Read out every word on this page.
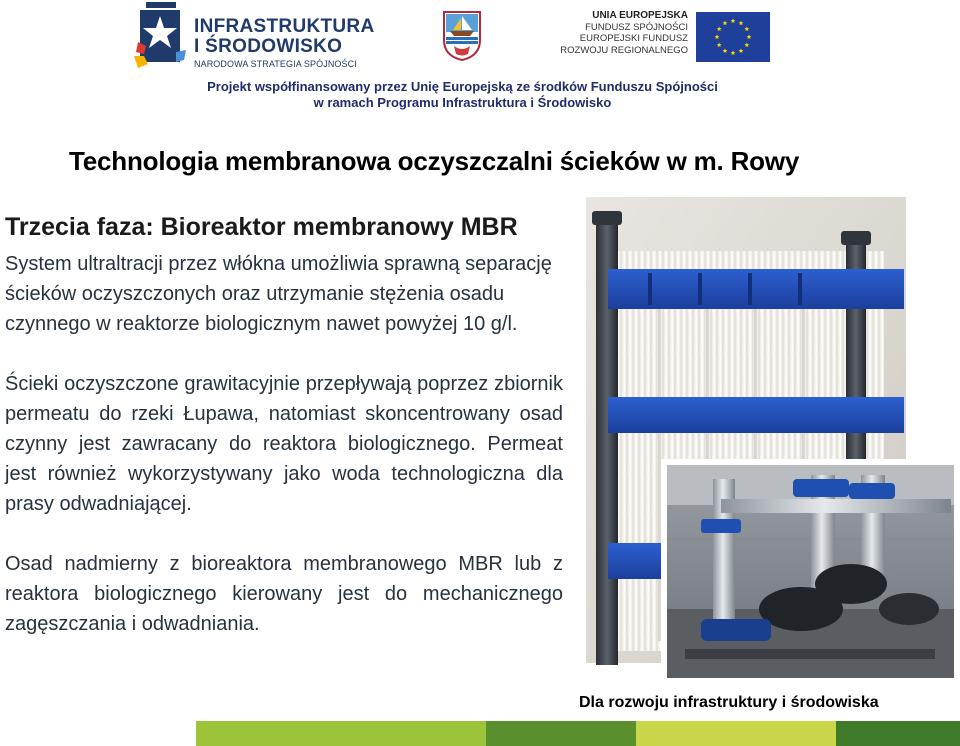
INFRASTRUKTURA
I ŚRODOWISKO
NARODOWA STRATEGIA SPÓJNOŚCI
UNIA EUROPEJSKA
FUNDUSZ SPÓJNOŚCI
EUROPEJSKI FUNDUSZ
ROZWOJU REGIONALNEGO
Projekt współfinansowany przez Unię Europejską ze środków Funduszu Spójności
w ramach Programu Infrastruktura i Środowisko
Technologia membranowa oczyszczalni ścieków w m. Rowy
Trzecia faza: Bioreaktor membranowy MBR
System ultraltracji przez włókna umożliwia sprawną separację ścieków oczyszczonych oraz utrzymanie stężenia osadu czynnego w reaktorze biologicznym nawet powyżej 10 g/l.
Ścieki oczyszczone grawitacyjnie przepływają poprzez zbiornik permeatu do rzeki Łupawa, natomiast skoncentrowany osad czynny jest zawracany do reaktora biologicznego. Permeat jest również wykorzystywany jako woda technologiczna dla prasy odwadniającej.
Osad nadmierny z bioreaktora membranowego MBR lub z reaktora biologicznego kierowany jest do mechanicznego zagęszczania i odwadniania.
Dla rozwoju infrastruktury i środowiska
